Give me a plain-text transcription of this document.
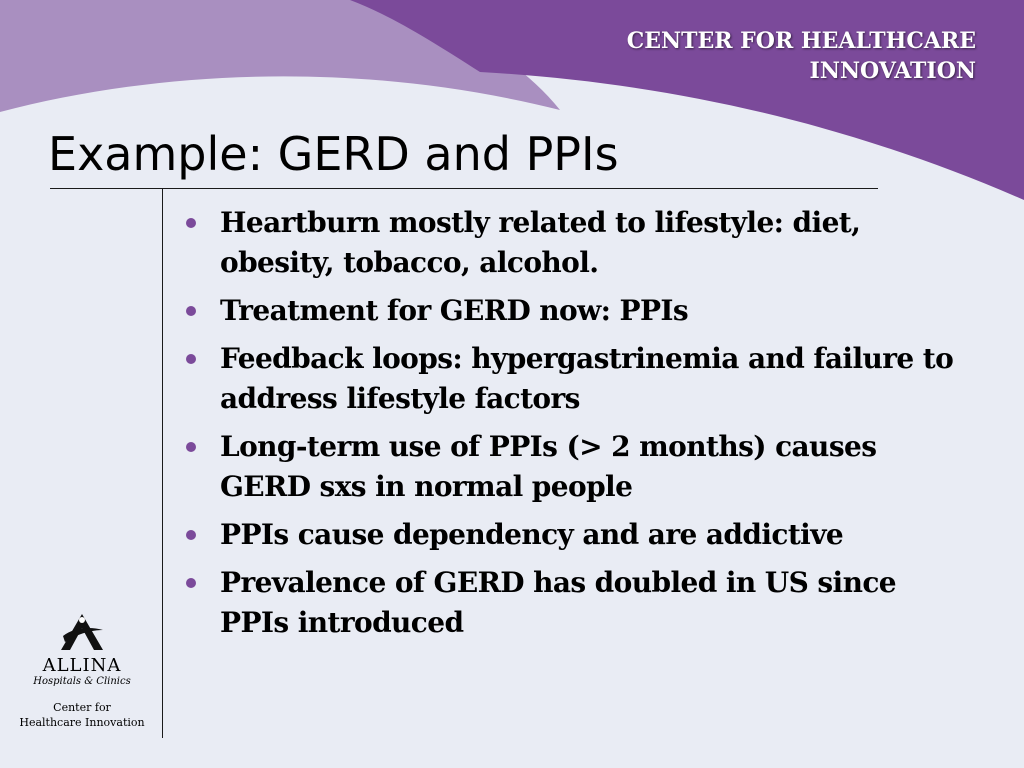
CENTER FOR HEALTHCARE
INNOVATION
Example: GERD and PPIs
Heartburn mostly related to lifestyle: diet, obesity, tobacco, alcohol.
Treatment for GERD now: PPIs
Feedback loops: hypergastrinemia and failure to address lifestyle factors
Long-term use of PPIs (> 2 months) causes GERD sxs in normal people
PPIs cause dependency and are addictive
Prevalence of GERD has doubled in US since PPIs introduced
ALLINA
Hospitals & Clinics
Center for
Healthcare Innovation
